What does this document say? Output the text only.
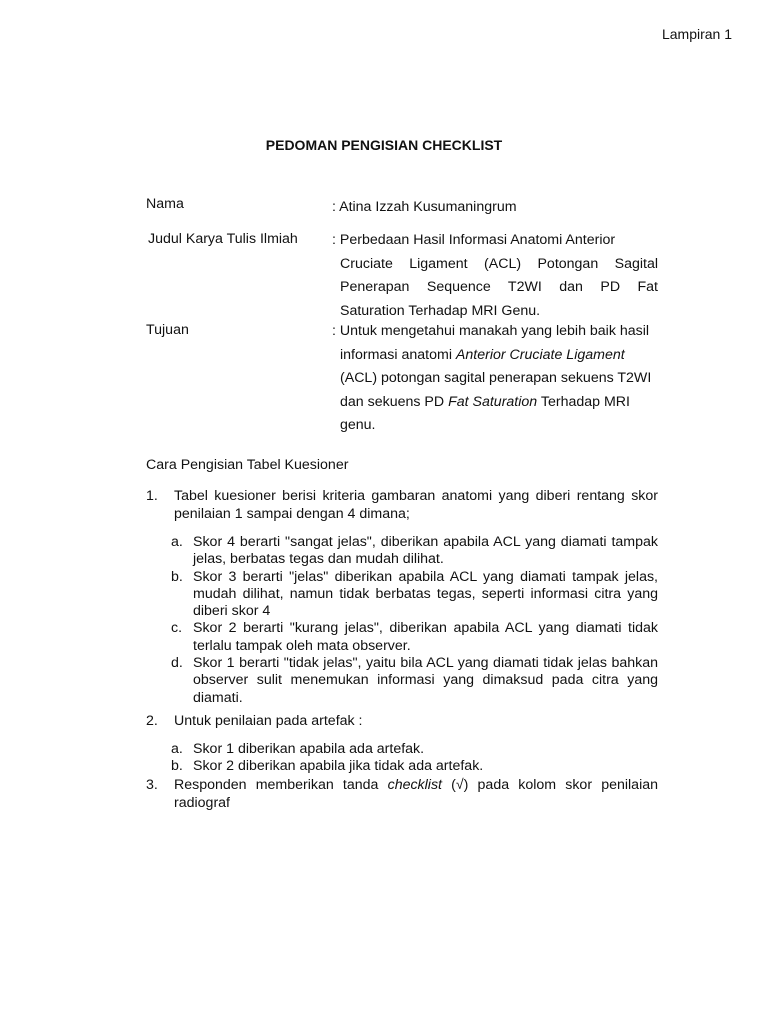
Lampiran 1
PEDOMAN PENGISIAN CHECKLIST
Nama	: Atina Izzah Kusumaningrum
Judul Karya Tulis Ilmiah : Perbedaan Hasil Informasi Anatomi Anterior
Cruciate Ligament (ACL) Potongan Sagital
Penerapan Sequence T2WI dan PD Fat
Saturation Terhadap MRI Genu.
Tujuan	: Untuk mengetahui manakah yang lebih baik hasil
informasi anatomi Anterior Cruciate Ligament
(ACL) potongan sagital penerapan sekuens T2WI
dan sekuens PD Fat Saturation Terhadap MRI
genu.
Cara Pengisian Tabel Kuesioner
1. Tabel kuesioner berisi kriteria gambaran anatomi yang diberi rentang skor penilaian 1 sampai dengan 4 dimana;
a. Skor 4 berarti "sangat jelas", diberikan apabila ACL yang diamati tampak jelas, berbatas tegas dan mudah dilihat.
b. Skor 3 berarti "jelas" diberikan apabila ACL yang diamati tampak jelas, mudah dilihat, namun tidak berbatas tegas, seperti informasi citra yang diberi skor 4
c. Skor 2 berarti "kurang jelas", diberikan apabila ACL yang diamati tidak terlalu tampak oleh mata observer.
d. Skor 1 berarti "tidak jelas", yaitu bila ACL yang diamati tidak jelas bahkan observer sulit menemukan informasi yang dimaksud pada citra yang diamati.
2. Untuk penilaian pada artefak :
a. Skor 1 diberikan apabila ada artefak.
b. Skor 2 diberikan apabila jika tidak ada artefak.
3. Responden memberikan tanda checklist (√) pada kolom skor penilaian radiograf
